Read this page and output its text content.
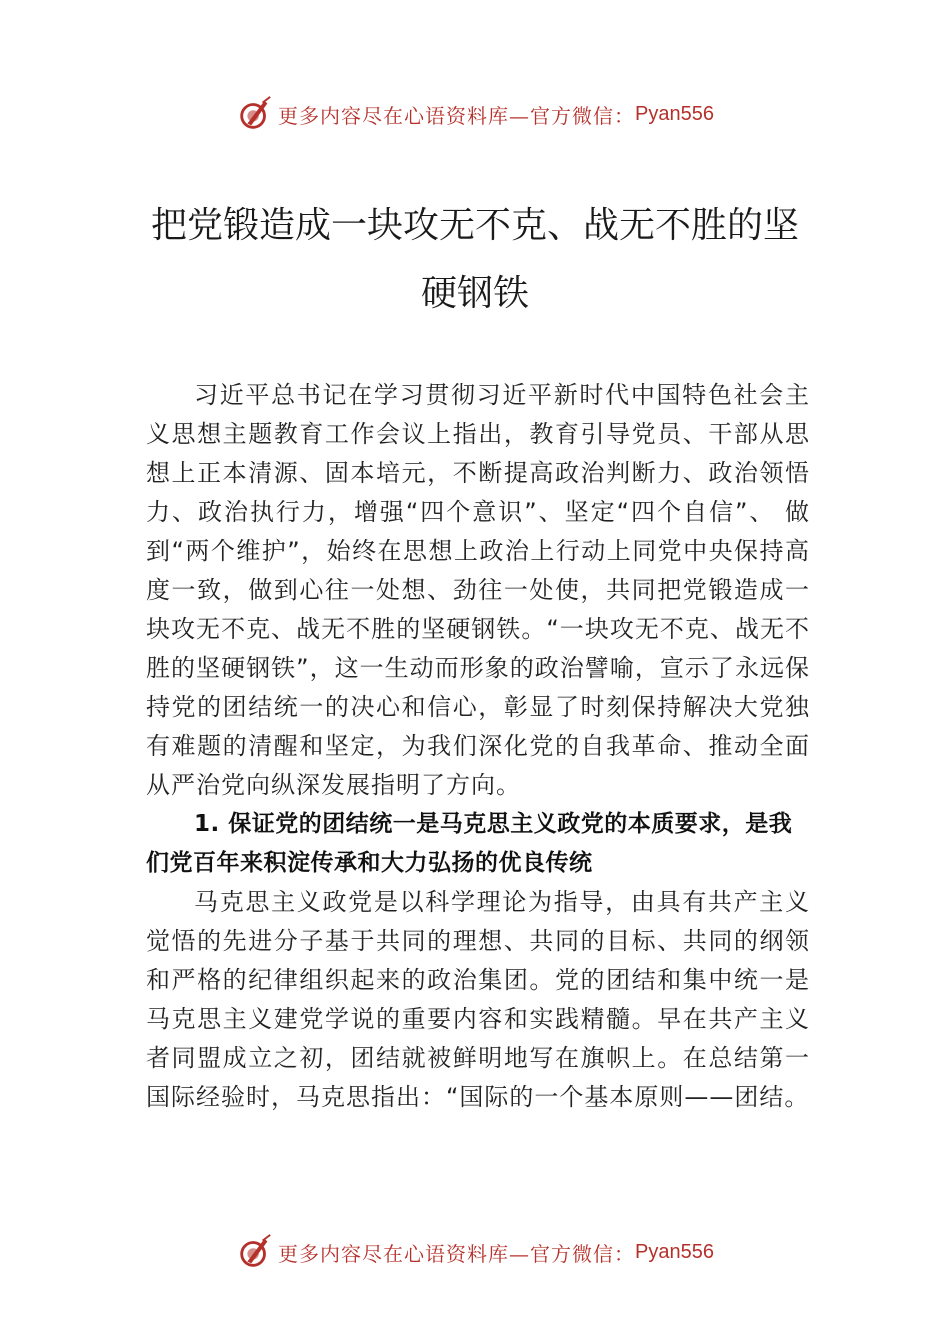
更多内容尽在心语资料库—官方微信： Pyan556
把党锻造成一块攻无不克、战无不胜的坚
硬钢铁

习近平总书记在学习贯彻习近平新时代中国特色社会主义思想主题教育工作会议上指出，教育引导党员、干部从思想上正本清源、固本培元，不断提高政治判断力、政治领悟力、政治执行力，增强“四个意识”、坚定“四个自信”、 做到“两个维护”，始终在思想上政治上行动上同党中央保持高度一致，做到心往一处想、劲往一处使，共同把党锻造成一块攻无不克、战无不胜的坚硬钢铁。“一块攻无不克、战无不胜的坚硬钢铁”，这一生动而形象的政治譬喻，宣示了永远保持党的团结统一的决心和信心，彰显了时刻保持解决大党独有难题的清醒和坚定，为我们深化党的自我革命、推动全面从严治党向纵深发展指明了方向。

1. 保证党的团结统一是马克思主义政党的本质要求，是我们党百年来积淀传承和大力弘扬的优良传统

马克思主义政党是以科学理论为指导，由具有共产主义觉悟的先进分子基于共同的理想、共同的目标、共同的纲领和严格的纪律组织起来的政治集团。党的团结和集中统一是马克思主义建党学说的重要内容和实践精髓。早在共产主义者同盟成立之初，团结就被鲜明地写在旗帜上。在总结第一国际经验时，马克思指出：“国际的一个基本原则——团结。

更多内容尽在心语资料库—官方微信： Pyan556
